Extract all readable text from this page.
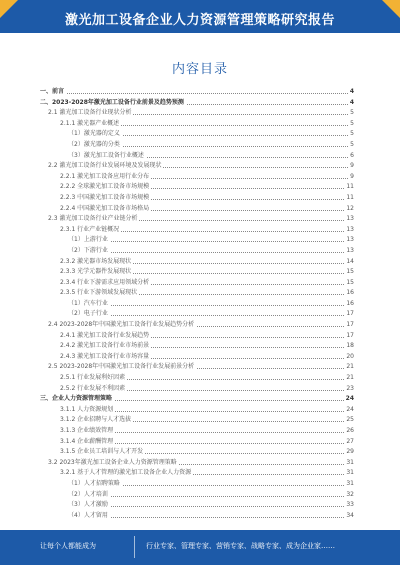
激光加工设备企业人力资源管理策略研究报告
内容目录
一、前言	4
二、2023-2028年激光加工设备行业前景及趋势预测	4
2.1 激光加工设备行业现状分析	5
2.1.1 激光器产业概述	5
（1）激光器的定义	5
（2）激光器的分类	5
（3）激光加工设备行业概述	6
2.2 激光加工设备行业发展环境及发展现状	9
2.2.1 激光加工设备应用行业分布	9
2.2.2 全球激光加工设备市场规模	11
2.2.3 中国激光加工设备市场规模	11
2.2.4 中国激光加工设备市场格局	12
2.3 激光加工设备行业产业链分析	13
2.3.1 行业产业链概况	13
（1）上游行业	13
（2）下游行业	13
2.3.2 激光器市场发展现状	14
2.3.3 光学元器件发展现状	15
2.3.4 行业下游需求应用领域分析	15
2.3.5 行业下游领域发展现状	16
（1）汽车行业	16
（2）电子行业	17
2.4 2023-2028年中国激光加工设备行业发展趋势分析	17
2.4.1 激光加工设备行业发展趋势	17
2.4.2 激光加工设备行业市场前景	18
2.4.3 激光加工设备行业市场容量	20
2.5 2023-2028年中国激光加工设备行业发展前景分析	21
2.5.1 行业发展利好因素	21
2.5.2 行业发展不利因素	23
三、企业人力资源管理策略	24
3.1.1 人力资源规划	24
3.1.2 企业招聘与人才选拔	25
3.1.3 企业绩效管理	26
3.1.4 企业薪酬管理	27
3.1.5 企业员工培训与人才开发	29
3.2 2023年激光加工设备企业人力资源管理策略	31
3.2.1 基于人才管理的激光加工设备企业人力资源	31
（1）人才招聘策略	31
（2）人才培训	32
（3）人才激励	33
（4）人才留用	34
让每个人都能成为	行业专家、管理专家、营销专家、战略专家、成为企业家……
